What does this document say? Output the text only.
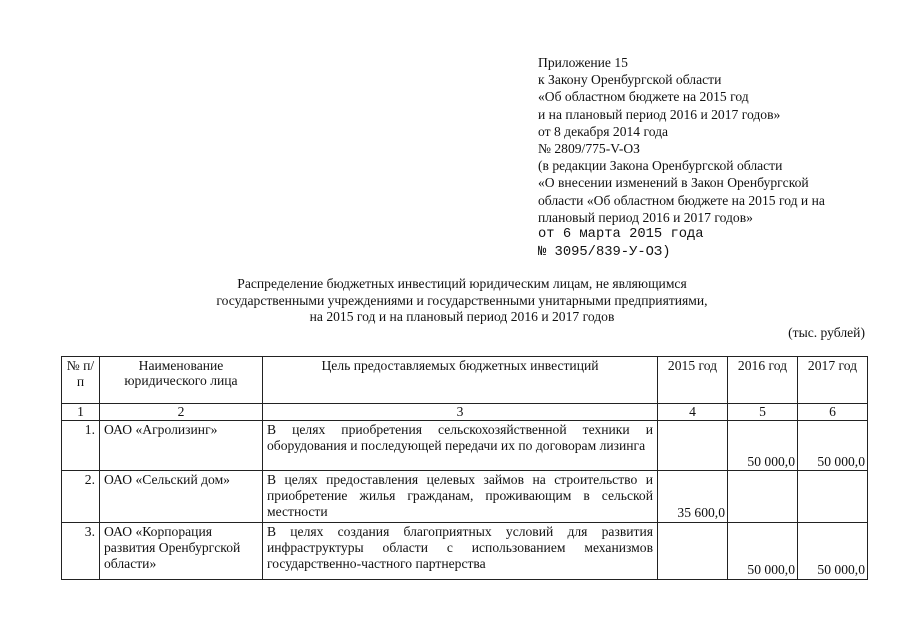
Приложение 15
к Закону Оренбургской области
«Об областном бюджете на 2015 год
и на плановый период 2016 и 2017 годов»
от 8 декабря 2014 года
№ 2809/775-V-ОЗ
(в редакции Закона Оренбургской области
«О внесении изменений в Закон Оренбургской
области «Об областном бюджете на 2015 год и на
плановый период 2016 и 2017 годов»
от 6 марта 2015 года
№ 3095/839-У-ОЗ)
Распределение бюджетных инвестиций юридическим лицам, не являющимся
государственными учреждениями и государственными унитарными предприятиями,
на 2015 год и на плановый период 2016 и 2017 годов
(тыс. рублей)
№ п/п	Наименование юридического лица	Цель предоставляемых бюджетных инвестиций	2015 год	2016 год	2017 год
1	2	3	4	5	6
1.	ОАО «Агролизинг»	В целях приобретения сельскохозяйственной техники и оборудования и последующей передачи их по договорам лизинга		50 000,0	50 000,0
2.	ОАО «Сельский дом»	В целях предоставления целевых займов на строительство и приобретение жилья гражданам, проживающим в сельской местности	35 600,0		
3.	ОАО «Корпорация развития Оренбургской области»	В целях создания благоприятных условий для развития инфраструктуры области с использованием механизмов государственно-частного партнерства		50 000,0	50 000,0
